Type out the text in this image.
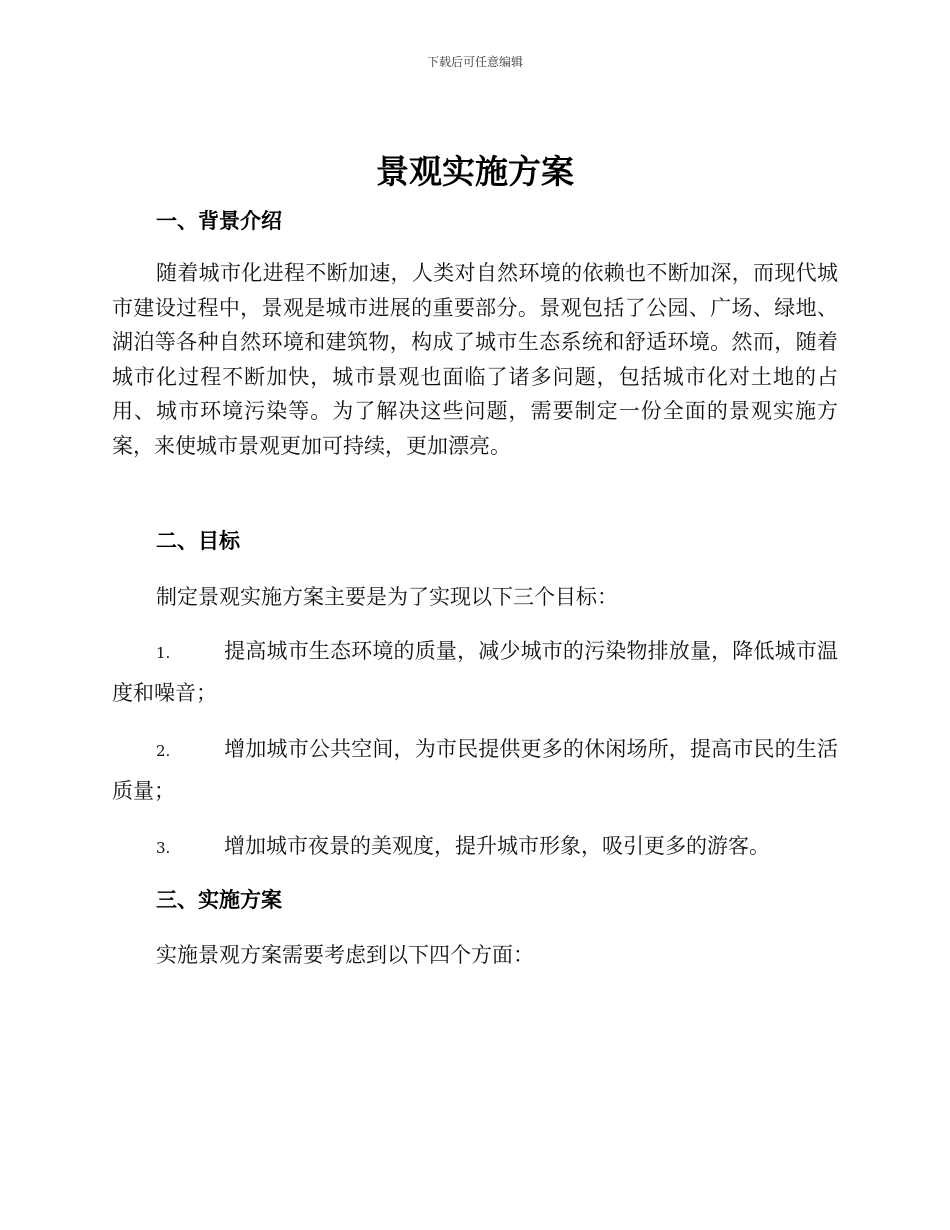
下载后可任意编辑
景观实施方案
一、背景介绍

随着城市化进程不断加速，人类对自然环境的依赖也不断加深，而现代城市建设过程中，景观是城市进展的重要部分。景观包括了公园、广场、绿地、湖泊等各种自然环境和建筑物，构成了城市生态系统和舒适环境。然而，随着城市化过程不断加快，城市景观也面临了诸多问题，包括城市化对土地的占用、城市环境污染等。为了解决这些问题，需要制定一份全面的景观实施方案，来使城市景观更加可持续，更加漂亮。

二、目标

制定景观实施方案主要是为了实现以下三个目标：

1.	提高城市生态环境的质量，减少城市的污染物排放量，降低城市温度和噪音；
2.	增加城市公共空间，为市民提供更多的休闲场所，提高市民的生活质量；
3.	增加城市夜景的美观度，提升城市形象，吸引更多的游客。
三、实施方案

实施景观方案需要考虑到以下四个方面：
